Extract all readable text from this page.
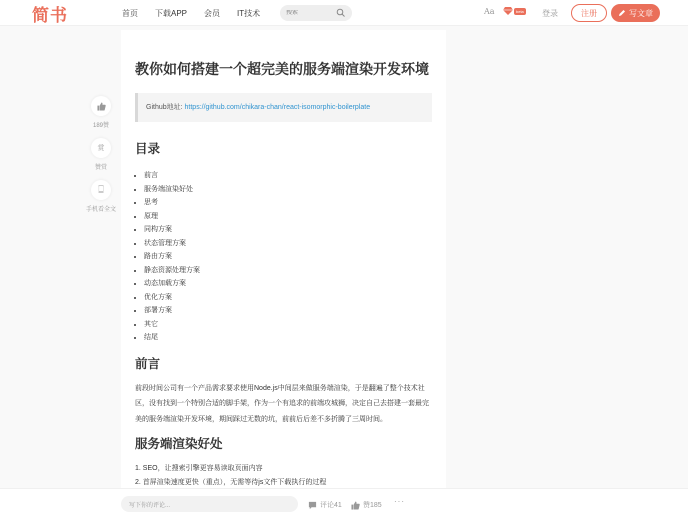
简书	首页 下载APP 会员 IT技术
搜索	Aa	beta 登录	注册	写文章
189赞
赏
赞赏
🀆
手机看全文
教你如何搭建一个超完美的服务端渲染开发环境
Github地址: https://github.com/chikara-chan/react-isomorphic-boilerplate
目录
• 前言
• 服务端渲染好处
• 思考
• 原理
• 同构方案
• 状态管理方案
• 路由方案
• 静态资源处理方案
• 动态加载方案
• 优化方案
• 部署方案
• 其它
• 结尾
前言

前段时间公司有一个产品需求要求使用Node.js中间层来做服务端渲染，于是翻遍了整个技术社区，没有找到一个特别合适的脚手架，作为一个有追求的前端攻城狮，决定自己去搭建一套最完美的服务端渲染开发环境，期间踩过无数的坑，前前后后差不多折腾了三周时间。

服务端渲染好处
1. SEO，让搜索引擎更容易读取页面内容
2. 首屏渲染速度更快（重点），无需等待js文件下载执行的过程
写下你的评论...	评论41	赞185 ···
